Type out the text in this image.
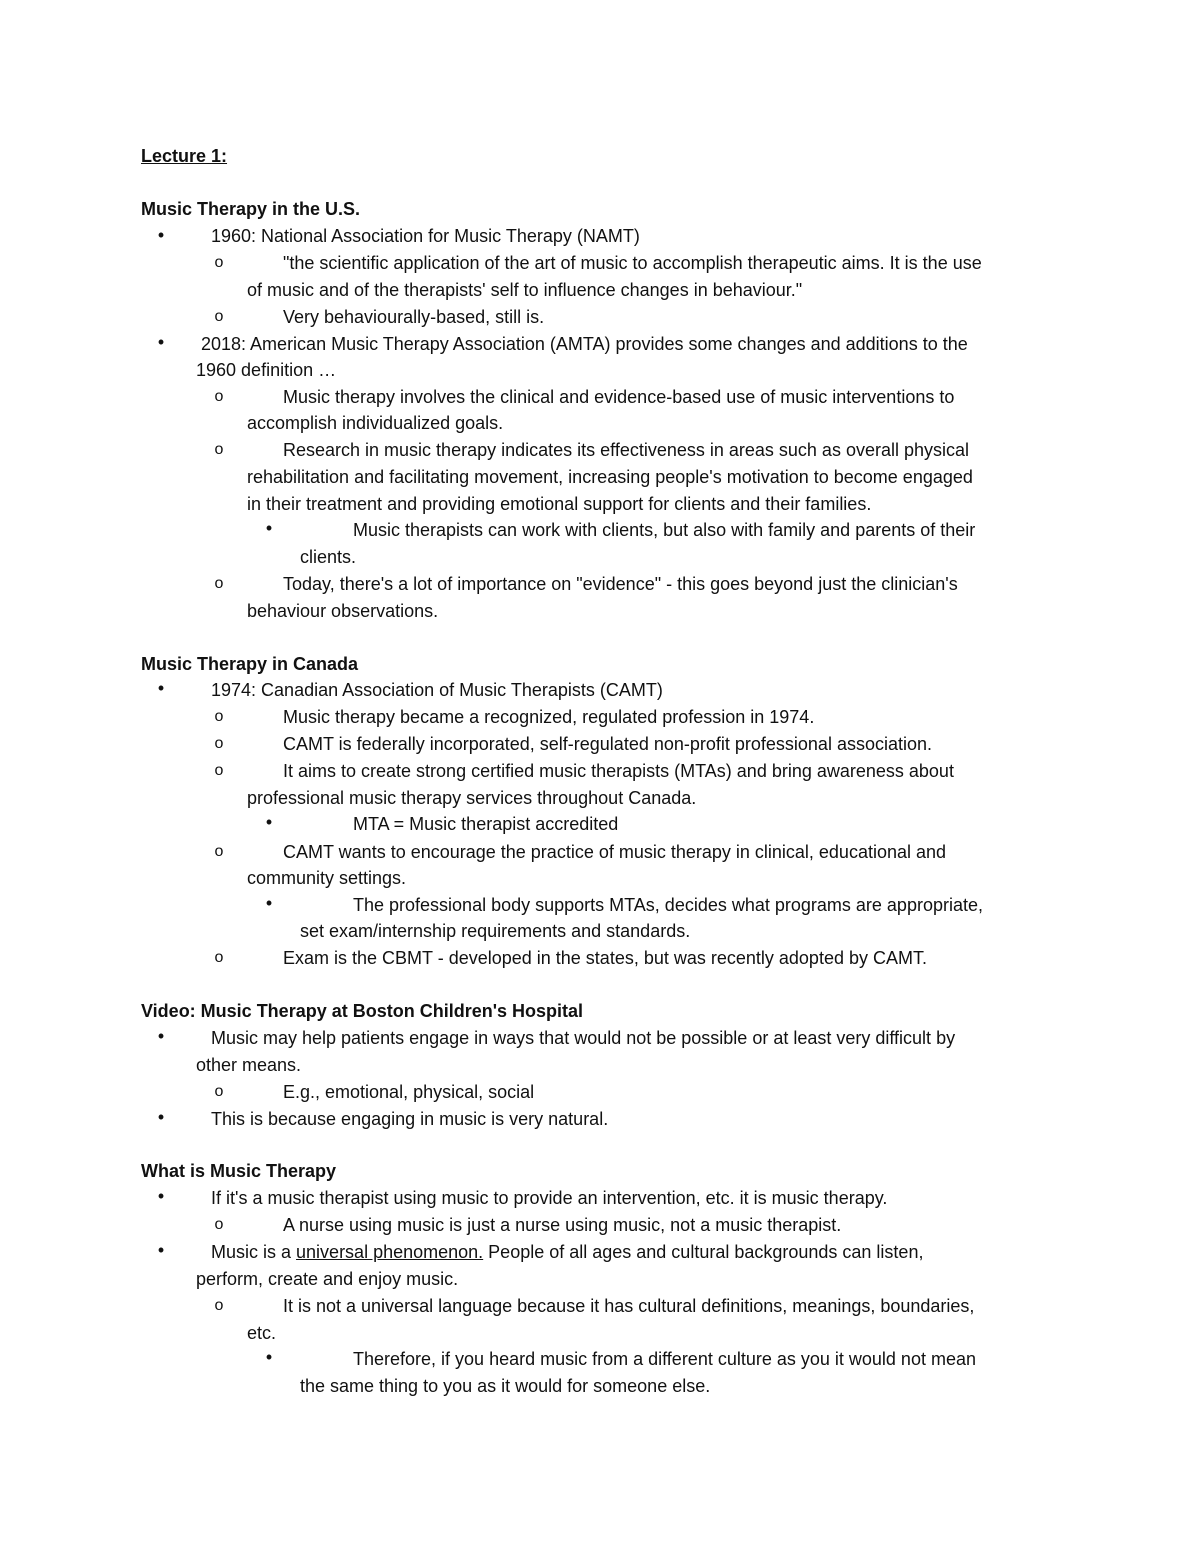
Lecture 1:
Music Therapy in the U.S.
•	1960: National Association for Music Therapy (NAMT)
o	"the scientific application of the art of music to accomplish therapeutic aims. It is the use
of music and of the therapists' self to influence changes in behaviour."
o	Very behaviourally-based, still is.
• 2018: American Music Therapy Association (AMTA) provides some changes and additions to the
1960 definition …
o	Music therapy involves the clinical and evidence-based use of music interventions to
accomplish individualized goals.
o	Research in music therapy indicates its effectiveness in areas such as overall physical
rehabilitation and facilitating movement, increasing people's motivation to become engaged
in their treatment and providing emotional support for clients and their families.
•	Music therapists can work with clients, but also with family and parents of their
clients.
o	Today, there's a lot of importance on "evidence" - this goes beyond just the clinician's
behaviour observations.
Music Therapy in Canada
•	1974: Canadian Association of Music Therapists (CAMT)
o	Music therapy became a recognized, regulated profession in 1974.
o	CAMT is federally incorporated, self-regulated non-profit professional association.
o	It aims to create strong certified music therapists (MTAs) and bring awareness about
professional music therapy services throughout Canada.
•	MTA = Music therapist accredited
o	CAMT wants to encourage the practice of music therapy in clinical, educational and
community settings.
•	The professional body supports MTAs, decides what programs are appropriate,
set exam/internship requirements and standards.
o	Exam is the CBMT - developed in the states, but was recently adopted by CAMT.
Video: Music Therapy at Boston Children's Hospital
•	Music may help patients engage in ways that would not be possible or at least very difficult by
other means.
o	E.g., emotional, physical, social
•	This is because engaging in music is very natural.
What is Music Therapy
•	If it's a music therapist using music to provide an intervention, etc. it is music therapy.
o	A nurse using music is just a nurse using music, not a music therapist.
•	Music is a universal phenomenon. People of all ages and cultural backgrounds can listen,
perform, create and enjoy music.
o	It is not a universal language because it has cultural definitions, meanings, boundaries,
etc.
•	Therefore, if you heard music from a different culture as you it would not mean
the same thing to you as it would for someone else.
